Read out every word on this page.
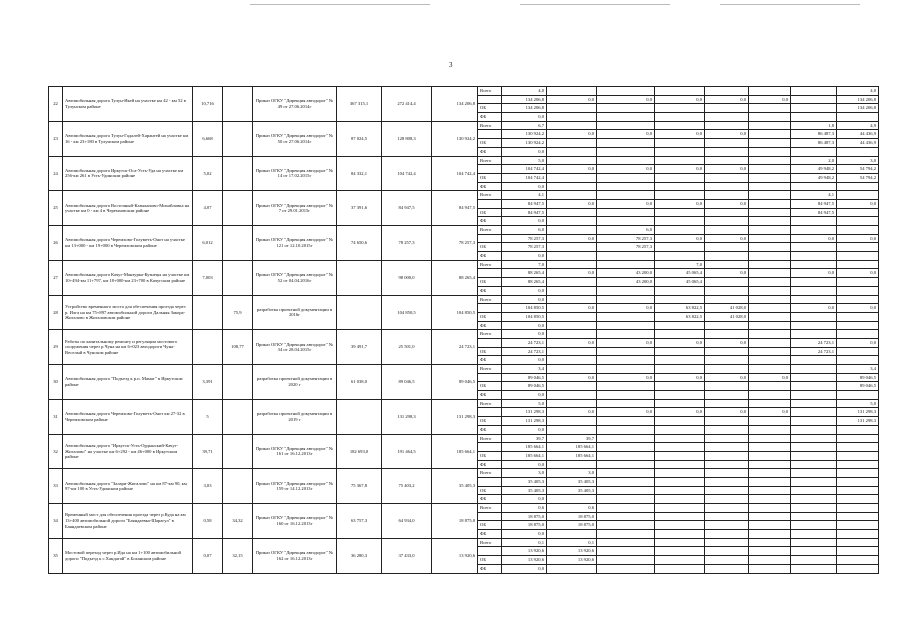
3
22	Автомобильная дорога Тулун-Икей на участке км 42 - км 52 в Тулунском районе	10,716		Приказ ОГКУ "Дирекция автодорог" № 49 от 27.06.2014г	367 315,1	272 414,4	134 206,8	Всего	4,0							4,0
									134 206,8	0,0	0,0	0,0	0,0	0,0		134 206,8
								ОБ	134 206,8							134 206,8
								ФБ	0,0							
23	Автомобильная дорога Тулун-Гадалей-Харантей на участке км 16 - км 23+180 в Тулунском районе	6,668		Приказ ОГКУ "Дирекция автодорог" № 50 от 27.06.2014г	87 024,5	128 808,3	130 924,2	Всего	6,7						1,8	4,9
									130 924,2	0,0	0,0	0,0	0,0		86 487,3	44 436,9
								ОБ	130 924,2						86 487,3	44 436,9
								ФБ	0,0							
24	Автомобильная дорога Иркутск-Оса-Усть-Уда на участке км 256-км 261 в Усть-Удинском районе	5,02		Приказ ОГКУ "Дирекция автодорог" № 14 от 17.02.2015г	84 332,1	104 742,4	104 742,4	Всего	5,0						2,0	3,0
									104 742,4	0,0	0,0	0,0	0,0		49 948,2	54 794,2
								ОБ	104 742,4						49 948,2	54 794,2
								ФБ	0,0							
25	Автомобильная дорога Восточный-Казыкапово-Михайловка на участке км 0 - км 4 в Черемховском районе	4,07		Приказ ОГКУ "Дирекция автодорог" № 7 от 29.01.2015г	37 391,6	84 947,5	84 947,5	Всего	4,1						4,1	
									84 947,5	0,0	0,0	0,0	0,0		84 947,5	0,0
								ОБ	84 947,5						84 947,5	
								ФБ	0,0							
26	Автомобильная дорога Черемхово-Голуметь-Онот на участке км 13+000 - км 19+000 в Черемховском районе	6,012		Приказ ОГКУ "Дирекция автодорог" № 121 от 12.10.2015г	74 650,6	78 257,3	78 257,3	Всего	6,0		6,0					
									78 257,3	0,0	78 257,3	0,0	0,0		0,0	0,0
								ОБ	78 257,3		78 257,3					
								ФБ	0,0							
27	Автомобильная дорога Качуг-Манзурка-Кузнецы на участке км 10+494-км 11+797, км 18+000-км 23+700 в Качугском районе	7,003		Приказ ОГКУ "Дирекция автодорог" № 52 от 04.04.2016г		98 000,0	88 265,4	Всего	7,0			7,0				
									88 265,4	0,0	43 200,0	45 065,4	0,0		0,0	0,0
								ОБ	88 265,4		43 200,0	45 065,4				
								ФБ	0,0							
28	Устройство временного моста для обеспечения проезда через р. Илга на км 75+897 автомобильной дороги Дальняя Закора-Жигалово в Жигаловском районе		75,9	разработка проектной документации в 2016г		104 850,5	104 850,5	Всего	0,0							
									104 850,5	0,0	0,0	63 822,5	41 028,0		0,0	0,0
								ОБ	104 850,5			63 822,5	41 028,0			
								ФБ	0,0							
29	Работы по капитальному ремонту и регуляции мостового сооружения через р.Чуна на км 6+023 автодороги Чуна-Веселый в Чунском районе		108,77	Приказ ОГКУ "Дирекция автодорог" № 34 от 28.04.2015г	39 491,7	25 501,0	24 723,1	Всего	0,0							
									24 723,1	0,0	0,0	0,0	0,0		24 723,1	0,0
								ОБ	24 723,1						24 723,1	
								ФБ	0,0							
30	Автомобильная дорога "Подъезд к р.п. Мамаг" в Иркутском районе	3,391		разработка проектной документации в 2020 г	61 038,0	89 046,5	89 046,5	Всего	3,4							3,4
									89 046,5	0,0	0,0	0,0	0,0	0,0		89 046,5
								ОБ	89 046,5							89 046,5
								ФБ	0,0							
31	Автомобильная дорога Черемхово-Голуметь-Онот км 27-32 в Черемховском районе	5		разработка проектной документации в 2019 г		131 298,3	131 298,3	Всего	5,0							5,0
									131 298,3	0,0	0,0	0,0	0,0	0,0		131 298,3
								ОБ	131 298,3							131 298,3
								ФБ	0,0							
32	Автомобильная дорога "Иркутск-Усть-Ордынский-Качуг-Жигалово" на участке км 6+292 - км 46+000 в Иркутском районе	39,71		Приказ ОГКУ "Дирекция автодорог" № 161 от 16.12.2013г	182 693,0	191 464,5	185 664,1	Всего	39,7	39,7						
									185 664,1	185 664,1						
								ОБ	185 664,1	185 664,1						
								ФБ	0,0							
33	Автомобильная дорога "Залари-Жигалово" на км 87-км 90, км 97-км 100 в Усть-Удинском районе	3,03		Приказ ОГКУ "Дирекция автодорог" № 159 от 14.12.2013г	75 367,8	75 403,2	35 405,3	Всего	3,0	3,0						
									35 405,3	35 405,3						
								ОБ	35 405,3	35 405,3						
								ФБ	0,0							
34	Временный мост для обеспечения проезда через р.Куда на км 13+400 автомобильной дороги "Баяндаевка-Шарагул" в Баяндаевском районе	0,58	34,32	Приказ ОГКУ "Дирекция автодорог" № 160 от 16.12.2013г	63 757,3	64 934,0	18 875,0	Всего	0,6	0,6						
									18 875,0	18 875,0						
								ОБ	18 875,0	18 875,0						
								ФБ	0,0							
35	Мостовой переход через р.Ида на км 1+100 автомобильной дороги "Подъезд к с.Хандагай" в Боханском районе	0,07	32,15	Приказ ОГКУ "Дирекция автодорог" № 162 от 16.12.2013г	36 280,3	37 433,0	13 920,6	Всего	0,1	0,1						
									13 920,6	13 920,6						
								ОБ	13 920,6	13 920,6						
								ФБ	0,0							
